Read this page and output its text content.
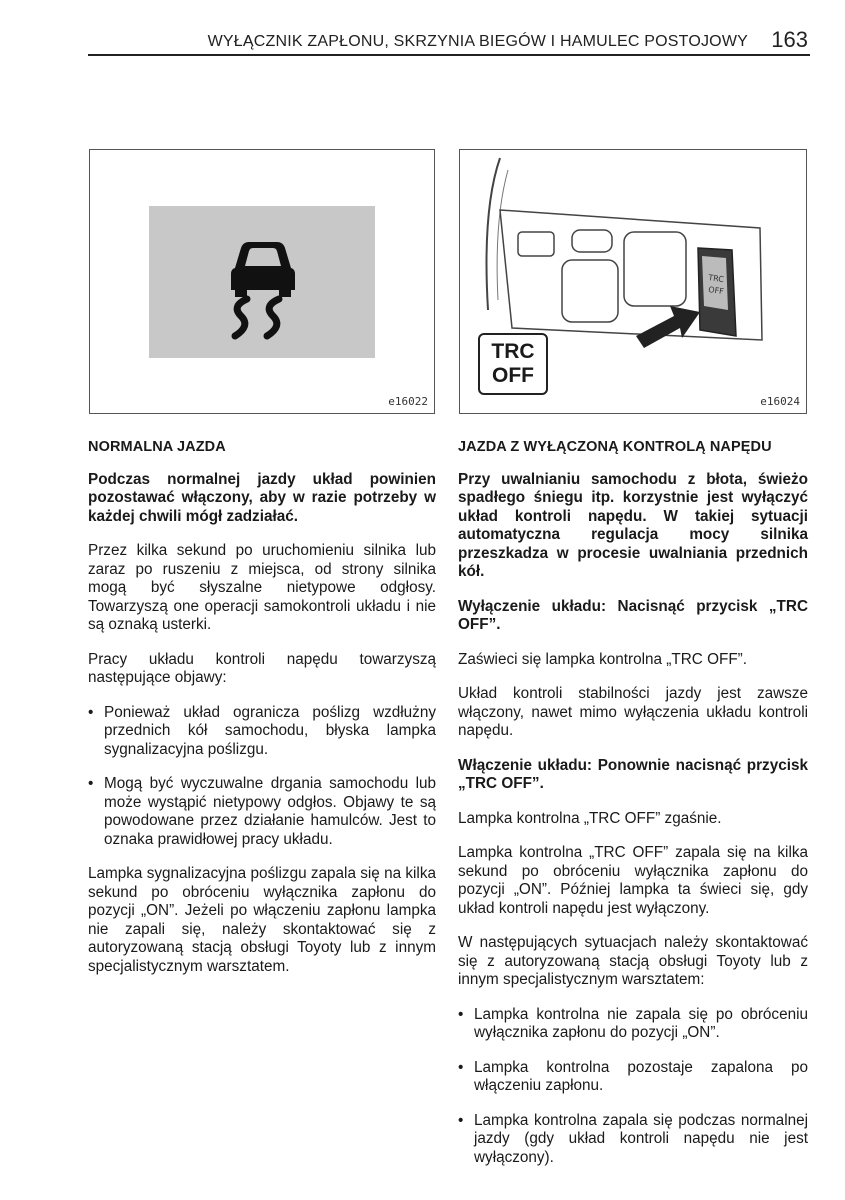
WYŁĄCZNIK ZAPŁONU, SKRZYNIA BIEGÓW I HAMULEC POSTOJOWY 163
e16022
TRC
OFF
TRC
OFF
e16024
NORMALNA JAZDA

Podczas normalnej jazdy układ powinien pozostawać włączony, aby w razie potrzeby w każdej chwili mógł zadziałać.

Przez kilka sekund po uruchomieniu silnika lub zaraz po ruszeniu z miejsca, od strony silnika mogą być słyszalne nietypowe odgłosy. Towarzyszą one operacji samokontroli układu i nie są oznaką usterki.

Pracy układu kontroli napędu towarzyszą następujące objawy:

• Ponieważ układ ogranicza poślizg wzdłużny przednich kół samochodu, błyska lampka sygnalizacyjna poślizgu.
• Mogą być wyczuwalne drgania samochodu lub może wystąpić nietypowy odgłos. Objawy te są powodowane przez działanie hamulców. Jest to oznaka prawidłowej pracy układu.

Lampka sygnalizacyjna poślizgu zapala się na kilka sekund po obróceniu wyłącznika zapłonu do pozycji „ON”. Jeżeli po włączeniu zapłonu lampka nie zapali się, należy skontaktować się z autoryzowaną stacją obsługi Toyoty lub z innym specjalistycznym warsztatem.

JAZDA Z WYŁĄCZONĄ KONTROLĄ NAPĘDU

Przy uwalnianiu samochodu z błota, świeżo spadłego śniegu itp. korzystnie jest wyłączyć układ kontroli napędu. W takiej sytuacji automatyczna regulacja mocy silnika przeszkadza w procesie uwalniania przednich kół.

Wyłączenie układu: Nacisnąć przycisk „TRC OFF”.

Zaświeci się lampka kontrolna „TRC OFF”.

Układ kontroli stabilności jazdy jest zawsze włączony, nawet mimo wyłączenia układu kontroli napędu.

Włączenie układu: Ponownie nacisnąć przycisk „TRC OFF”.

Lampka kontrolna „TRC OFF” zgaśnie.

Lampka kontrolna „TRC OFF” zapala się na kilka sekund po obróceniu wyłącznika zapłonu do pozycji „ON”. Później lampka ta świeci się, gdy układ kontroli napędu jest wyłączony.

W następujących sytuacjach należy skontaktować się z autoryzowaną stacją obsługi Toyoty lub z innym specjalistycznym warsztatem:

• Lampka kontrolna nie zapala się po obróceniu wyłącznika zapłonu do pozycji „ON”.
• Lampka kontrolna pozostaje zapalona po włączeniu zapłonu.
• Lampka kontrolna zapala się podczas normalnej jazdy (gdy układ kontroli napędu nie jest wyłączony).
